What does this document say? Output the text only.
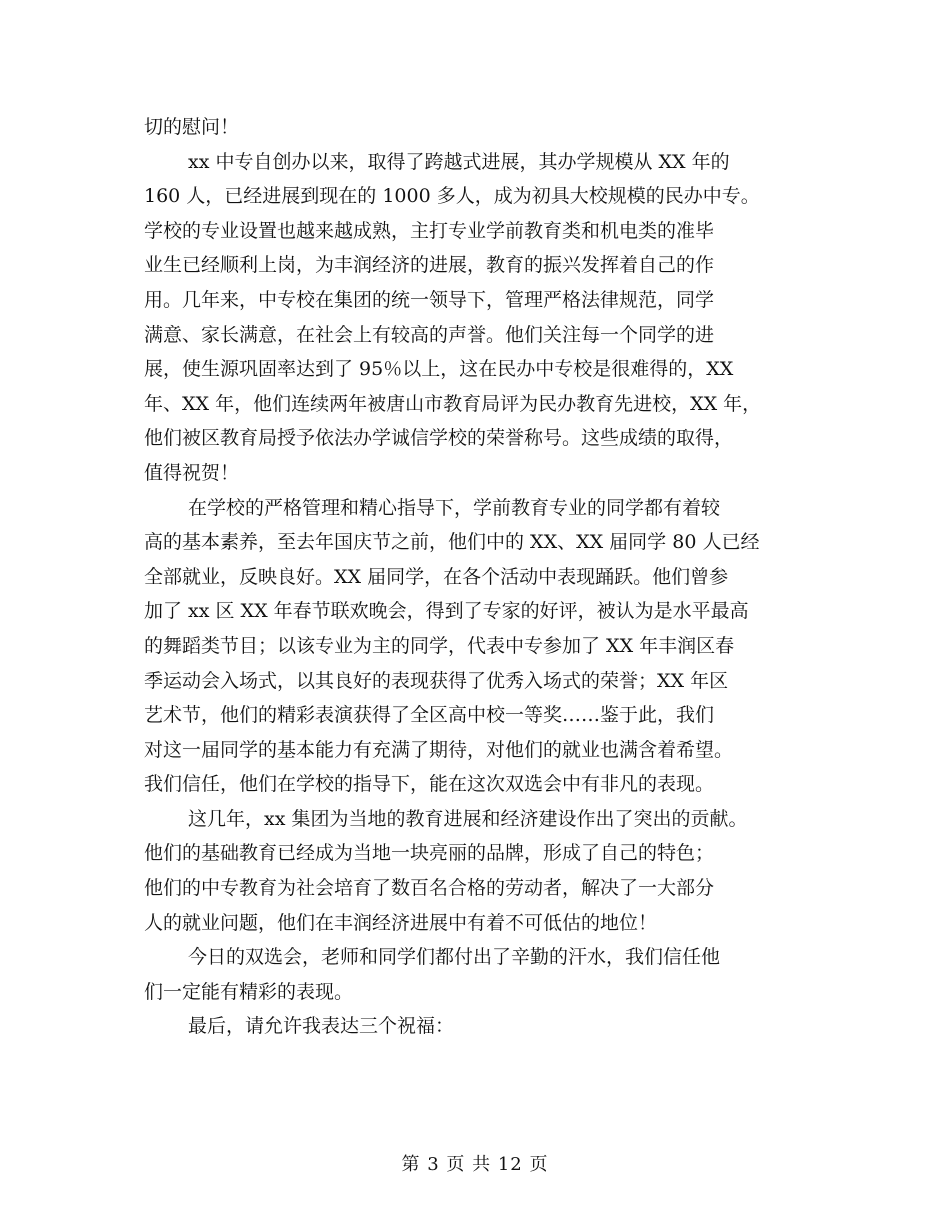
切的慰问！
xx 中专自创办以来，取得了跨越式进展，其办学规模从 XX 年的
160 人，已经进展到现在的 1000 多人，成为初具大校规模的民办中专。
学校的专业设置也越来越成熟，主打专业学前教育类和机电类的准毕
业生已经顺利上岗，为丰润经济的进展，教育的振兴发挥着自己的作
用。几年来，中专校在集团的统一领导下，管理严格法律规范，同学
满意、家长满意，在社会上有较高的声誉。他们关注每一个同学的进
展，使生源巩固率达到了 95％以上，这在民办中专校是很难得的，XX
年、XX 年，他们连续两年被唐山市教育局评为民办教育先进校，XX 年，
他们被区教育局授予依法办学诚信学校的荣誉称号。这些成绩的取得，
值得祝贺！
在学校的严格管理和精心指导下，学前教育专业的同学都有着较
高的基本素养，至去年国庆节之前，他们中的 XX、XX 届同学 80 人已经
全部就业，反映良好。XX 届同学，在各个活动中表现踊跃。他们曾参
加了 xx 区 XX 年春节联欢晚会，得到了专家的好评，被认为是水平最高
的舞蹈类节目；以该专业为主的同学，代表中专参加了 XX 年丰润区春
季运动会入场式，以其良好的表现获得了优秀入场式的荣誉；XX 年区
艺术节，他们的精彩表演获得了全区高中校一等奖……鉴于此，我们
对这一届同学的基本能力有充满了期待，对他们的就业也满含着希望。
我们信任，他们在学校的指导下，能在这次双选会中有非凡的表现。
这几年，xx 集团为当地的教育进展和经济建设作出了突出的贡献。
他们的基础教育已经成为当地一块亮丽的品牌，形成了自己的特色；
他们的中专教育为社会培育了数百名合格的劳动者，解决了一大部分
人的就业问题，他们在丰润经济进展中有着不可低估的地位！
今日的双选会，老师和同学们都付出了辛勤的汗水，我们信任他
们一定能有精彩的表现。
最后，请允许我表达三个祝福：
第 3 页 共 12 页
